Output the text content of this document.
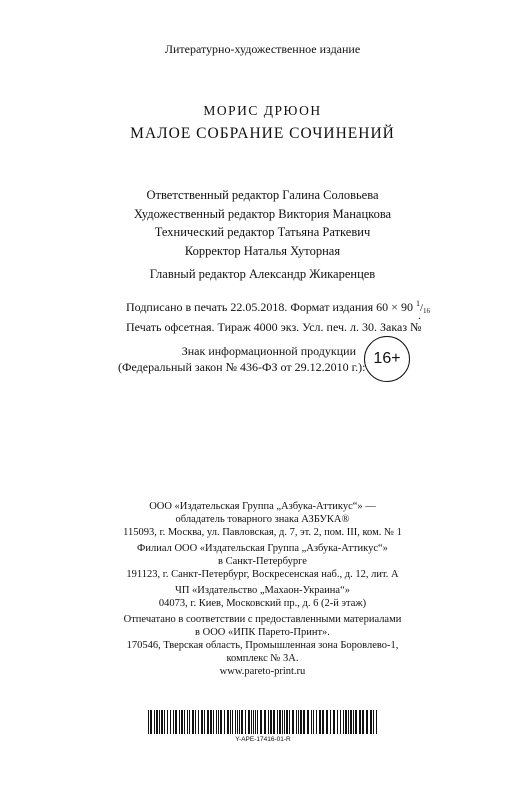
Литературно-художественное издание
МОРИС ДРЮОН
МАЛОЕ СОБРАНИЕ СОЧИНЕНИЙ
Ответственный редактор Галина Соловьева
Художественный редактор Виктория Манацкова
Технический редактор Татьяна Раткевич
Корректор Наталья Хуторная
Главный редактор Александр Жикаренцев
Подписано в печать 22.05.2018. Формат издания 60 × 90 $^1$/16
Печать офсетная. Тираж 4000 экз. Усл. печ. л. 30. Заказ №
.
Знак информационной продукции
(Федеральный закон № 436-ФЗ от 29.12.2010 г.): 16+
ООО «Издательская Группа „Азбука-Аттикус“» —
обладатель товарного знака АЗБУКА®
115093, г. Москва, ул. Павловская, д. 7, эт. 2, пом. III, ком. № 1
Филиал ООО «Издательская Группа „Азбука-Аттикус“»
в Санкт-Петербурге
191123, г. Санкт-Петербург, Воскресенская наб., д. 12, лит. А
ЧП «Издательство „Махаон-Украина“»
04073, г. Киев, Московский пр., д. 6 (2-й этаж)
Отпечатано в соответствии с предоставленными материалами
в ООО «ИПК Парето-Принт».
170546, Тверская область, Промышленная зона Боровлево-1,
комплекс № 3А.
www.pareto-print.ru
Y-APE-17416-01-R
